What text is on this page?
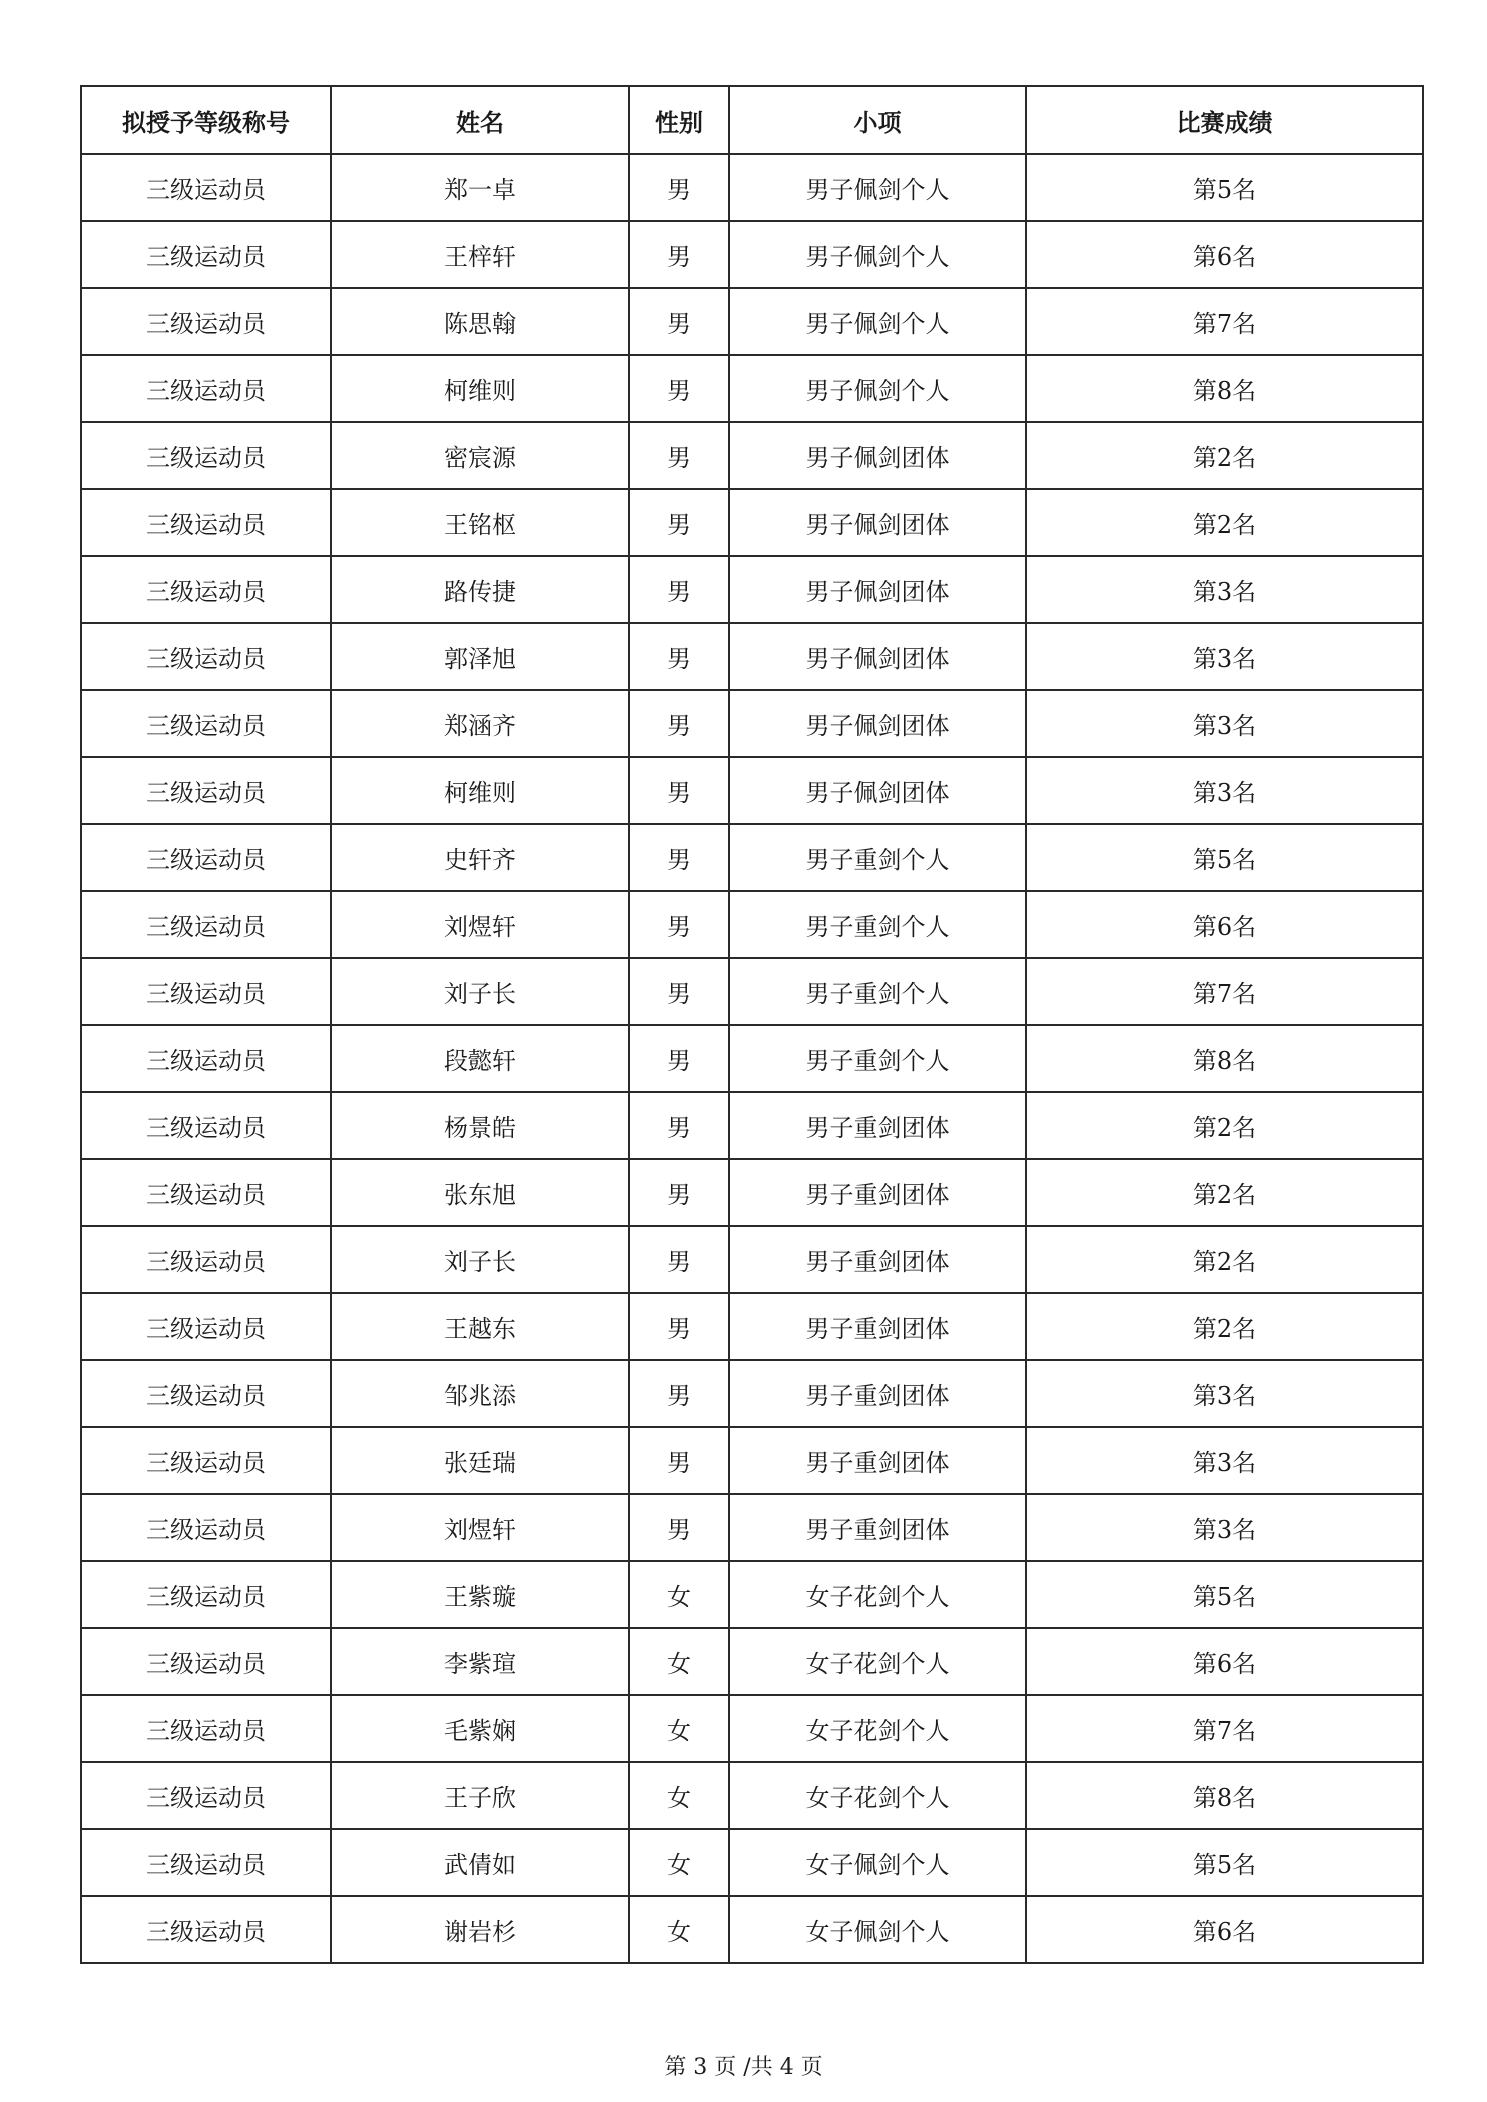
拟授予等级称号	姓名	性别	小项	比赛成绩
三级运动员	郑一卓	男	男子佩剑个人	第5名
三级运动员	王梓轩	男	男子佩剑个人	第6名
三级运动员	陈思翰	男	男子佩剑个人	第7名
三级运动员	柯维则	男	男子佩剑个人	第8名
三级运动员	密宸源	男	男子佩剑团体	第2名
三级运动员	王铭枢	男	男子佩剑团体	第2名
三级运动员	路传捷	男	男子佩剑团体	第3名
三级运动员	郭泽旭	男	男子佩剑团体	第3名
三级运动员	郑涵齐	男	男子佩剑团体	第3名
三级运动员	柯维则	男	男子佩剑团体	第3名
三级运动员	史轩齐	男	男子重剑个人	第5名
三级运动员	刘煜轩	男	男子重剑个人	第6名
三级运动员	刘子长	男	男子重剑个人	第7名
三级运动员	段懿轩	男	男子重剑个人	第8名
三级运动员	杨景皓	男	男子重剑团体	第2名
三级运动员	张东旭	男	男子重剑团体	第2名
三级运动员	刘子长	男	男子重剑团体	第2名
三级运动员	王越东	男	男子重剑团体	第2名
三级运动员	邹兆添	男	男子重剑团体	第3名
三级运动员	张廷瑞	男	男子重剑团体	第3名
三级运动员	刘煜轩	男	男子重剑团体	第3名
三级运动员	王紫璇	女	女子花剑个人	第5名
三级运动员	李紫瑄	女	女子花剑个人	第6名
三级运动员	毛紫娴	女	女子花剑个人	第7名
三级运动员	王子欣	女	女子花剑个人	第8名
三级运动员	武倩如	女	女子佩剑个人	第5名
三级运动员	谢岩杉	女	女子佩剑个人	第6名
第 3 页 /共 4 页
